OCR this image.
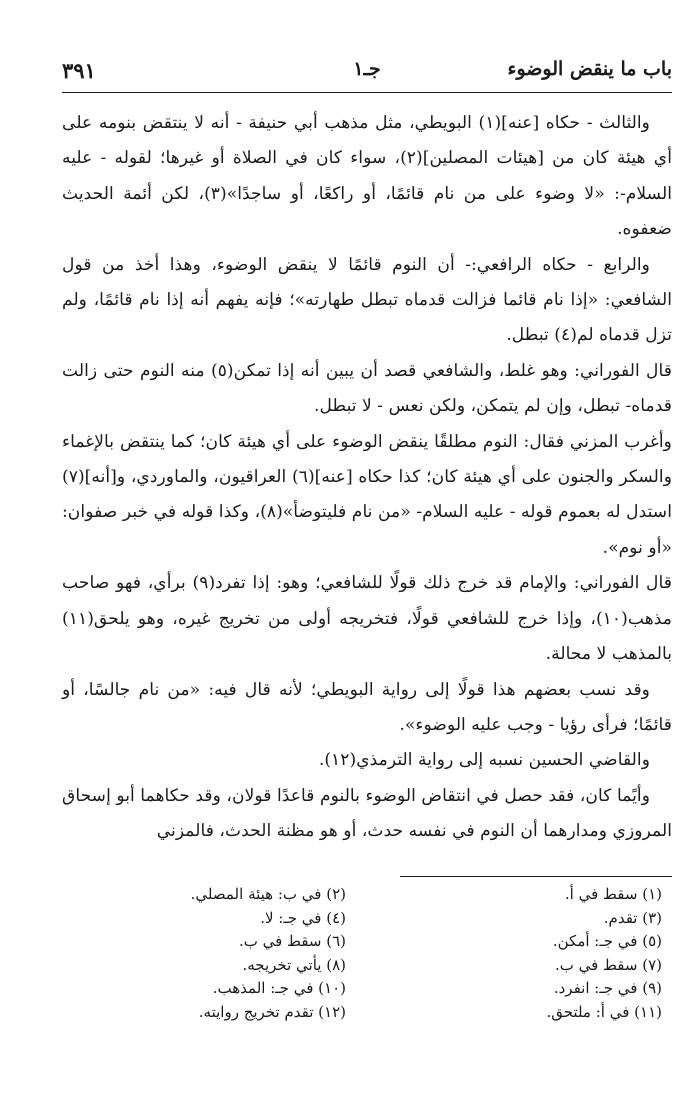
باب ما ينقض الوضوء
جـ١
٣٩١

والثالث - حكاه [عنه](١) البويطي، مثل مذهب أبي حنيفة - أنه لا ينتقض بنومه على أي هيئة كان من [هيئات المصلين](٢)، سواء كان في الصلاة أو غيرها؛ لقوله - عليه السلام-: «لا وضوء على من نام قائمًا، أو راكعًا، أو ساجدًا»(٣)، لكن أئمة الحديث ضعفوه.

والرابع - حكاه الرافعي:- أن النوم قائمًا لا ينقض الوضوء، وهذا أخذ من قول الشافعي: «إذا نام قائما فزالت قدماه تبطل طهارته»؛ فإنه يفهم أنه إذا نام قائمًا، ولم تزل قدماه لم(٤) تبطل.

قال الفوراني: وهو غلط، والشافعي قصد أن يبين أنه إذا تمكن(٥) منه النوم حتى زالت قدماه- تبطل، وإن لم يتمكن، ولكن نعس - لا تبطل.

وأغرب المزني فقال: النوم مطلقًا ينقض الوضوء على أي هيئة كان؛ كما ينتقض بالإغماء والسكر والجنون على أي هيئة كان؛ كذا حكاه [عنه](٦) العراقيون، والماوردي، و[أنه](٧) استدل له بعموم قوله - عليه السلام- «من نام فليتوضأ»(٨)، وكذا قوله في خبر صفوان: «أو نوم».

قال الفوراني: والإمام قد خرج ذلك قولًا للشافعي؛ وهو: إذا تفرد(٩) برأي، فهو صاحب مذهب(١٠)، وإذا خرج للشافعي قولًا، فتخريجه أولى من تخريج غيره، وهو يلحق(١١) بالمذهب لا محالة.

وقد نسب بعضهم هذا قولًا إلى رواية البويطي؛ لأنه قال فيه: «من نام جالسًا، أو قائمًا؛ فرأى رؤيا - وجب عليه الوضوء».

والقاضي الحسين نسبه إلى رواية الترمذي(١٢).

وأيًما كان، فقد حصل في انتقاض الوضوء بالنوم قاعدًا قولان، وقد حكاهما أبو إسحاق المروزي ومدارهما أن النوم في نفسه حدث، أو هو مظنة الحدث، فالمزني

(١) سقط في أ.
(٣) تقدم.
(٥) في جـ: أمكن.
(٧) سقط في ب.
(٩) في جـ: انفرد.
(١١) في أ: ملتحق.
(٢) في ب: هيئة المصلي.
(٤) في جـ: لا.
(٦) سقط في ب.
(٨) يأتي تخريجه.
(١٠) في جـ: المذهب.
(١٢) تقدم تخريج روايته.
